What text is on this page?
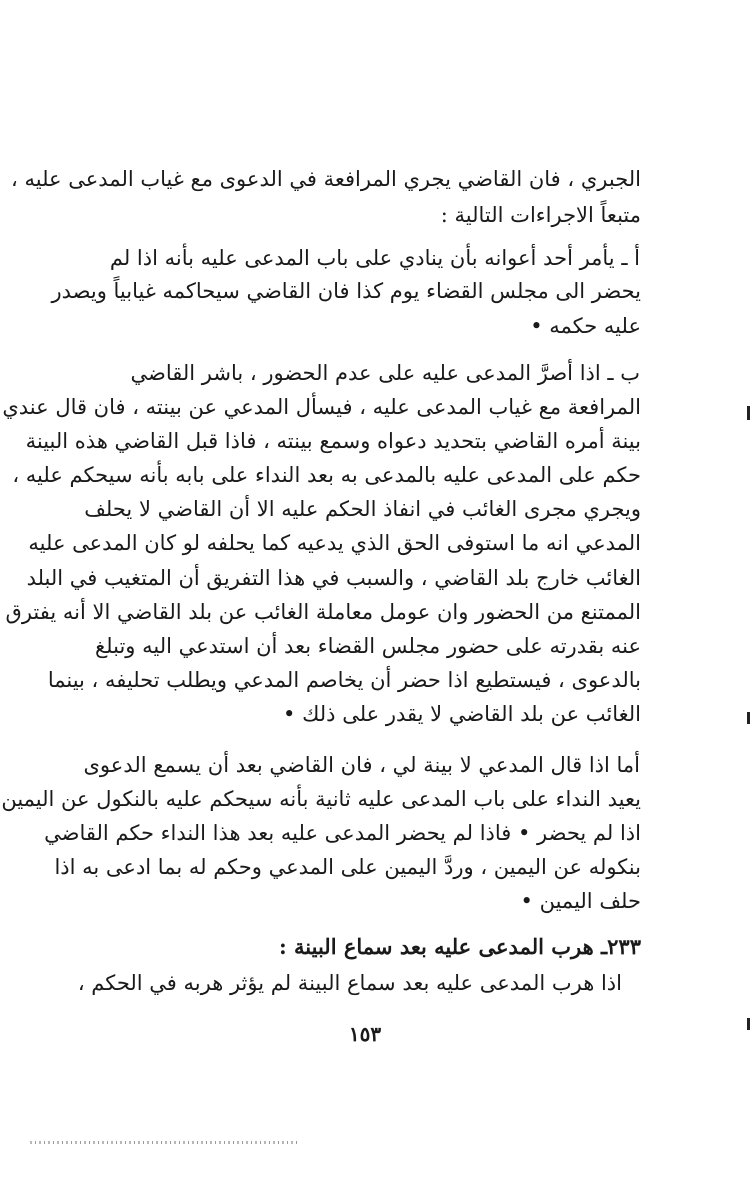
الجبري ، فان القاضي يجري المرافعة في الدعوى مع غياب المدعى عليه ،
متبعاً الاجراءات التالية :
أ ـ يأمر أحد أعوانه بأن ينادي على باب المدعى عليه بأنه اذا لم
يحضر الى مجلس القضاء يوم كذا فان القاضي سيحاكمه غيابياً ويصدر
عليه حكمه •
ب ـ اذا أصرَّ المدعى عليه على عدم الحضور ، باشر القاضي
المرافعة مع غياب المدعى عليه ، فيسأل المدعي عن بينته ، فان قال عندي
بينة أمره القاضي بتحديد دعواه وسمع بينته ، فاذا قبل القاضي هذه البينة
حكم على المدعى عليه بالمدعى به بعد النداء على بابه بأنه سيحكم عليه ،
ويجري مجرى الغائب في انفاذ الحكم عليه الا أن القاضي لا يحلف
المدعي انه ما استوفى الحق الذي يدعيه كما يحلفه لو كان المدعى عليه
الغائب خارج بلد القاضي ، والسبب في هذا التفريق أن المتغيب في البلد
الممتنع من الحضور وان عومل معاملة الغائب عن بلد القاضي الا أنه يفترق
عنه بقدرته على حضور مجلس القضاء بعد أن استدعي اليه وتبلغ
بالدعوى ، فيستطيع اذا حضر أن يخاصم المدعي ويطلب تحليفه ، بينما
الغائب عن بلد القاضي لا يقدر على ذلك •
أما اذا قال المدعي لا بينة لي ، فان القاضي بعد أن يسمع الدعوى
يعيد النداء على باب المدعى عليه ثانية بأنه سيحكم عليه بالنكول عن اليمين
اذا لم يحضر • فاذا لم يحضر المدعى عليه بعد هذا النداء حكم القاضي
بنكوله عن اليمين ، وردَّ اليمين على المدعي وحكم له بما ادعى به اذا
حلف اليمين •
٢٣٣ـ هرب المدعى عليه بعد سماع البينة :
اذا هرب المدعى عليه بعد سماع البينة لم يؤثر هربه في الحكم ،
١٥٣
